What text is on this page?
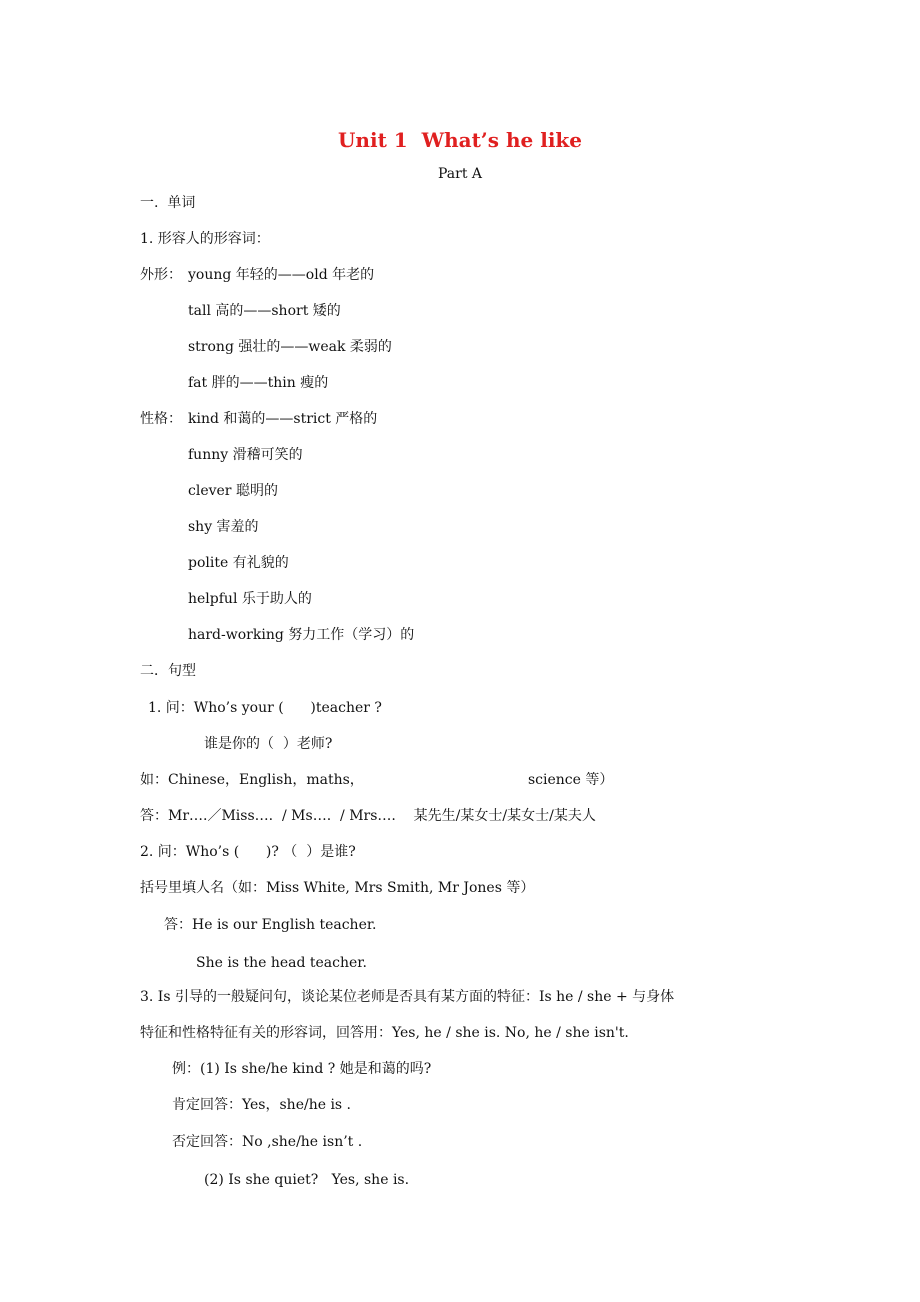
Unit 1  What’s he like
Part A
一.  单词
1. 形容人的形容词：
外形： young 年轻的——old 年老的
tall 高的——short 矮的
strong 强壮的——weak 柔弱的
fat 胖的——thin 瘦的
性格： kind 和蔼的——strict 严格的
funny 滑稽可笑的
clever 聪明的
shy 害羞的
polite 有礼貌的
helpful 乐于助人的
hard-working 努力工作（学习）的
二．句型
1. 问：Who’s your (      )teacher ?
谁是你的（  ）老师?
如：Chinese，English，maths，	science 等）
答：Mr….／Miss….  / Ms….  / Mrs….    某先生/某女士/某女士/某夫人
2. 问：Who’s (      )? （  ）是谁?
括号里填人名（如：Miss White, Mrs Smith, Mr Jones 等）
答：He is our English teacher.
She is the head teacher.
3. Is 引导的一般疑问句，谈论某位老师是否具有某方面的特征：Is he / she + 与身体
特征和性格特征有关的形容词，回答用：Yes, he / she is. No, he / she isn't.
例：(1) Is she/he kind ? 她是和蔼的吗?
肯定回答：Yes，she/he is .
否定回答：No ,she/he isn’t .
(2) Is she quiet?   Yes, she is.
